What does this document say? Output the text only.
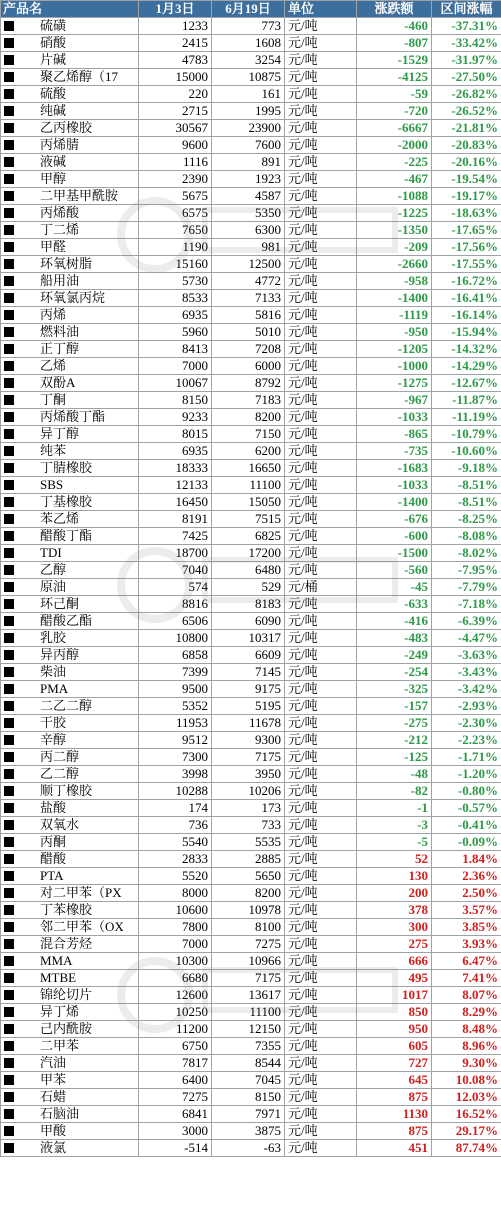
产品名	1月3日	6月19日	单位	涨跌额	区间涨幅
硫磺	1233	773	元/吨	-460	-37.31%
硝酸	2415	1608	元/吨	-807	-33.42%
片碱	4783	3254	元/吨	-1529	-31.97%
聚乙烯醇（17	15000	10875	元/吨	-4125	-27.50%
硫酸	220	161	元/吨	-59	-26.82%
纯碱	2715	1995	元/吨	-720	-26.52%
乙丙橡胶	30567	23900	元/吨	-6667	-21.81%
丙烯腈	9600	7600	元/吨	-2000	-20.83%
液碱	1116	891	元/吨	-225	-20.16%
甲醇	2390	1923	元/吨	-467	-19.54%
二甲基甲酰胺	5675	4587	元/吨	-1088	-19.17%
丙烯酸	6575	5350	元/吨	-1225	-18.63%
丁二烯	7650	6300	元/吨	-1350	-17.65%
甲醛	1190	981	元/吨	-209	-17.56%
环氧树脂	15160	12500	元/吨	-2660	-17.55%
船用油	5730	4772	元/吨	-958	-16.72%
环氧氯丙烷	8533	7133	元/吨	-1400	-16.41%
丙烯	6935	5816	元/吨	-1119	-16.14%
燃料油	5960	5010	元/吨	-950	-15.94%
正丁醇	8413	7208	元/吨	-1205	-14.32%
乙烯	7000	6000	元/吨	-1000	-14.29%
双酚A	10067	8792	元/吨	-1275	-12.67%
丁酮	8150	7183	元/吨	-967	-11.87%
丙烯酸丁酯	9233	8200	元/吨	-1033	-11.19%
异丁醇	8015	7150	元/吨	-865	-10.79%
纯苯	6935	6200	元/吨	-735	-10.60%
丁腈橡胶	18333	16650	元/吨	-1683	-9.18%
SBS	12133	11100	元/吨	-1033	-8.51%
丁基橡胶	16450	15050	元/吨	-1400	-8.51%
苯乙烯	8191	7515	元/吨	-676	-8.25%
醋酸丁酯	7425	6825	元/吨	-600	-8.08%
TDI	18700	17200	元/吨	-1500	-8.02%
乙醇	7040	6480	元/吨	-560	-7.95%
原油	574	529	元/桶	-45	-7.79%
环己酮	8816	8183	元/吨	-633	-7.18%
醋酸乙酯	6506	6090	元/吨	-416	-6.39%
乳胶	10800	10317	元/吨	-483	-4.47%
异丙醇	6858	6609	元/吨	-249	-3.63%
柴油	7399	7145	元/吨	-254	-3.43%
PMA	9500	9175	元/吨	-325	-3.42%
二乙二醇	5352	5195	元/吨	-157	-2.93%
干胶	11953	11678	元/吨	-275	-2.30%
辛醇	9512	9300	元/吨	-212	-2.23%
丙二醇	7300	7175	元/吨	-125	-1.71%
乙二醇	3998	3950	元/吨	-48	-1.20%
顺丁橡胶	10288	10206	元/吨	-82	-0.80%
盐酸	174	173	元/吨	-1	-0.57%
双氧水	736	733	元/吨	-3	-0.41%
丙酮	5540	5535	元/吨	-5	-0.09%
醋酸	2833	2885	元/吨	52	1.84%
PTA	5520	5650	元/吨	130	2.36%
对二甲苯（PX	8000	8200	元/吨	200	2.50%
丁苯橡胶	10600	10978	元/吨	378	3.57%
邻二甲苯（OX	7800	8100	元/吨	300	3.85%
混合芳烃	7000	7275	元/吨	275	3.93%
MMA	10300	10966	元/吨	666	6.47%
MTBE	6680	7175	元/吨	495	7.41%
锦纶切片	12600	13617	元/吨	1017	8.07%
异丁烯	10250	11100	元/吨	850	8.29%
己内酰胺	11200	12150	元/吨	950	8.48%
二甲苯	6750	7355	元/吨	605	8.96%
汽油	7817	8544	元/吨	727	9.30%
甲苯	6400	7045	元/吨	645	10.08%
石蜡	7275	8150	元/吨	875	12.03%
石脑油	6841	7971	元/吨	1130	16.52%
甲酸	3000	3875	元/吨	875	29.17%
液氯	-514	-63	元/吨	451	87.74%
